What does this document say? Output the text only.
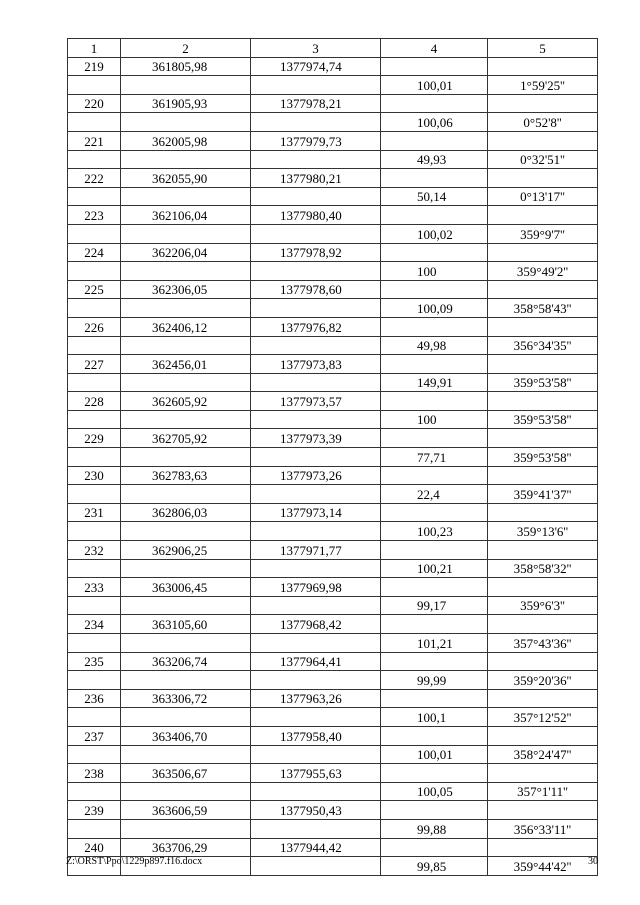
1	2	3	4	5
219	361805,98	1377974,74		
			100,01	1°59'25''
220	361905,93	1377978,21		
			100,06	0°52'8''
221	362005,98	1377979,73		
			49,93	0°32'51''
222	362055,90	1377980,21		
			50,14	0°13'17''
223	362106,04	1377980,40		
			100,02	359°9'7''
224	362206,04	1377978,92		
			100	359°49'2''
225	362306,05	1377978,60		
			100,09	358°58'43''
226	362406,12	1377976,82		
			49,98	356°34'35''
227	362456,01	1377973,83		
			149,91	359°53'58''
228	362605,92	1377973,57		
			100	359°53'58''
229	362705,92	1377973,39		
			77,71	359°53'58''
230	362783,63	1377973,26		
			22,4	359°41'37''
231	362806,03	1377973,14		
			100,23	359°13'6''
232	362906,25	1377971,77		
			100,21	358°58'32''
233	363006,45	1377969,98		
			99,17	359°6'3''
234	363105,60	1377968,42		
			101,21	357°43'36''
235	363206,74	1377964,41		
			99,99	359°20'36''
236	363306,72	1377963,26		
			100,1	357°12'52''
237	363406,70	1377958,40		
			100,01	358°24'47''
238	363506,67	1377955,63		
			100,05	357°1'11''
239	363606,59	1377950,43		
			99,88	356°33'11''
240	363706,29	1377944,42		
			99,85	359°44'42''
Z:\ORST\Ppo\1229p897.f16.docx	30
